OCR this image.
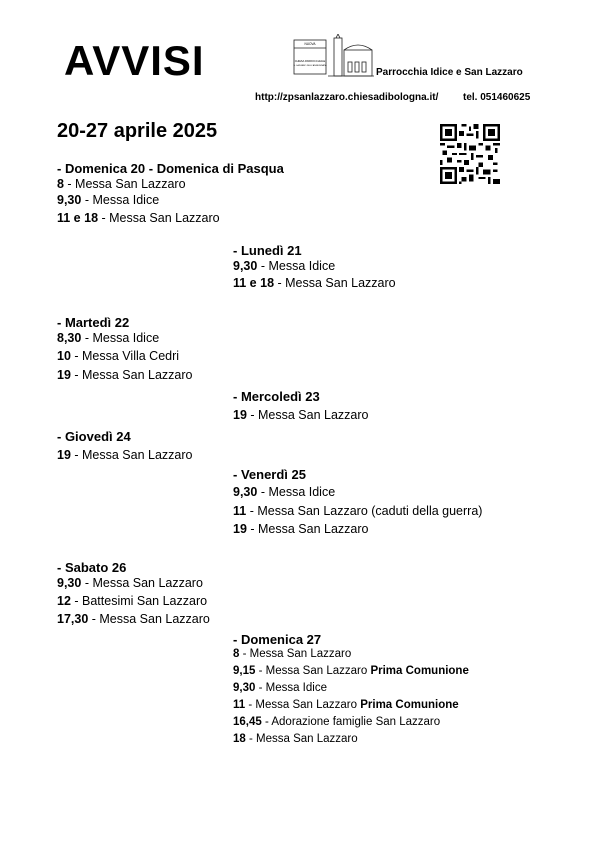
AVVISI	NUOVA
CHIESA PARROCCHIALE
S. LAZZARO DELL'ANNUNZIATA
Parrocchia Idice e San Lazzaro
http://zpsanlazzaro.chiesadibologna.it/ tel. 051460625
20-27 aprile 2025
- Domenica 20 - Domenica di Pasqua
8 - Messa San Lazzaro
9,30 - Messa Idice
11 e 18 - Messa San Lazzaro
- Lunedì 21
9,30 - Messa Idice
11 e 18 - Messa San Lazzaro
- Martedì 22
8,30 - Messa Idice
10 - Messa Villa Cedri
19 - Messa San Lazzaro
- Mercoledì 23
19 - Messa San Lazzaro
- Giovedì 24
19 - Messa San Lazzaro
- Venerdì 25
9,30 - Messa Idice
11 - Messa San Lazzaro (caduti della guerra)
19 - Messa San Lazzaro
- Sabato 26
9,30 - Messa San Lazzaro
12 - Battesimi San Lazzaro
17,30 - Messa San Lazzaro
- Domenica 27
8 - Messa San Lazzaro
9,15 - Messa San Lazzaro Prima Comunione
9,30 - Messa Idice
11 - Messa San Lazzaro Prima Comunione
16,45 - Adorazione famiglie San Lazzaro
18 - Messa San Lazzaro
